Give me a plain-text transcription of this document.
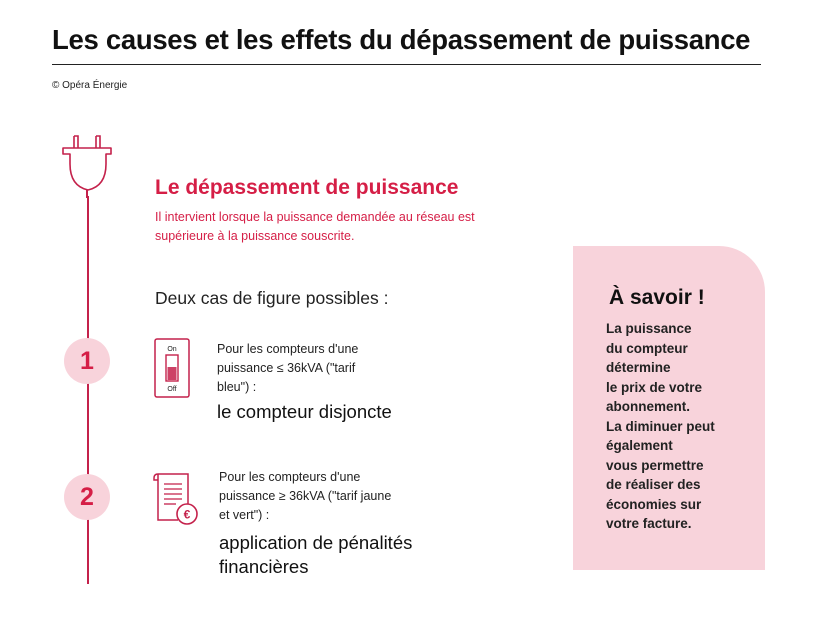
Les causes et les effets du dépassement de puissance
© Opéra Énergie
Le dépassement de puissance
Il intervient lorsque la puissance demandée au réseau est supérieure à la puissance souscrite.
Deux cas de figure possibles :
1	On
Off
Pour les compteurs d'une puissance ≤ 36kVA ("tarif bleu") :
le compteur disjoncte
2
€
Pour les compteurs d'une puissance ≥ 36kVA ("tarif jaune et vert") :
application de pénalités financières
À savoir !
La puissance
du compteur
détermine
le prix de votre
abonnement.
La diminuer peut
également
vous permettre
de réaliser des
économies sur
votre facture.
